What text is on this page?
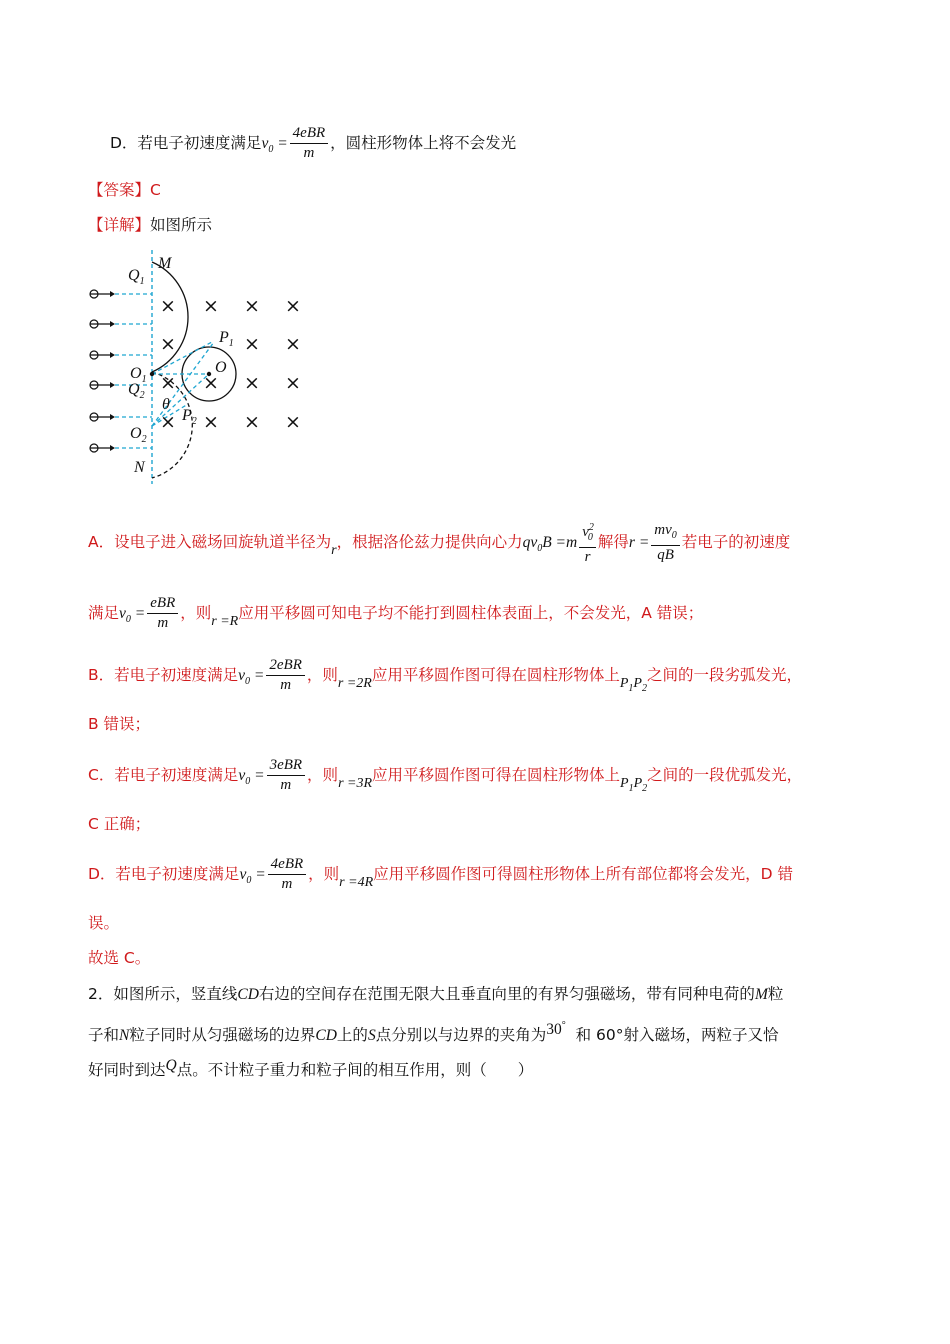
D．若电子初速度满足$v_0 = \frac{\text{4eBR}}{m}$ ，圆柱形物体上将不会发光
【答案】C
【详解】如图所示
× × × ×
×	× ×
× × × ×
× × × ×
M
$Q_1$
$P_1$
O
$O_1$
$Q_2$
θ
$P_2$
$O_2$
N
A．设电子进入磁场回旋轨道半径为r，根据洛伦兹力提供向心力$qv_0B =m \frac{v^2_0}{r}$ 解得$r = \frac{mv_0}{qB}$ 若电子的初速度
满足$v_0 = \frac{\text{eBR}}{m}$ ，则r =R应用平移圆可知电子均不能打到圆柱体表面上，不会发光，A 错误；
B．若电子初速度满足$v_0 = \frac{\text{2eBR}}{m}$ ，则r =2R应用平移圆作图可得在圆柱形物体上$P_1P_2$之间的一段劣弧发光，
B 错误；
C．若电子初速度满足$v_0 = \frac{\text{3eBR}}{m}$ ，则r =3R应用平移圆作图可得在圆柱形物体上$P_1P_2$之间的一段优弧发光，
C 正确；
D．若电子初速度满足$v_0 = \frac{\text{4eBR}}{m}$ ，则r =4R应用平移圆作图可得圆柱形物体上所有部位都将会发光，D 错
误。
故选 C。
2．如图所示，竖直线CD右边的空间存在范围无限大且垂直向里的有界匀强磁场，带有同种电荷的M粒
子和N粒子同时从匀强磁场的边界CD上的S点分别以与边界的夹角为30°  和 60°射入磁场，两粒子又恰
好同时到达Q点。不计粒子重力和粒子间的相互作用，则（　　）
